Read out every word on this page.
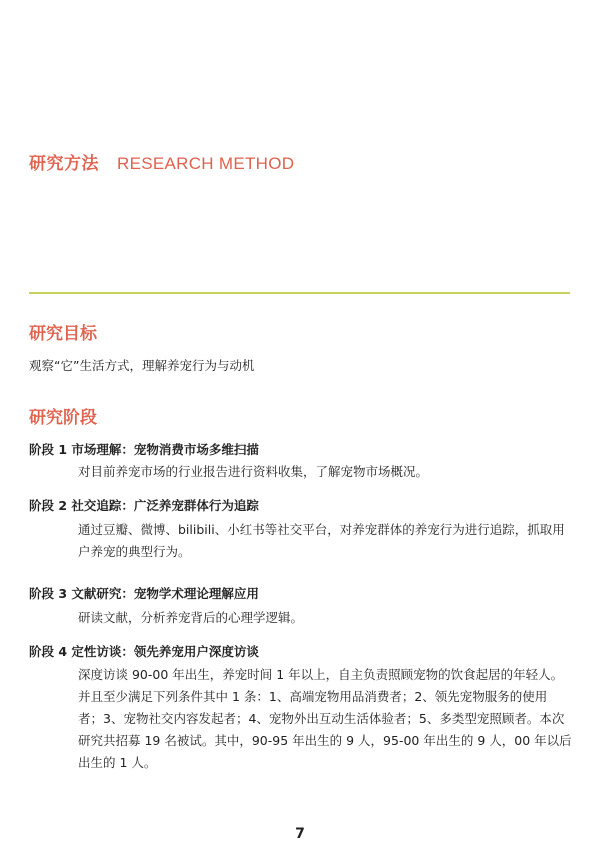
研究方法 RESEARCH METHOD
研究目标
观察“它”生活方式，理解养宠行为与动机
研究阶段
阶段 1 市场理解：宠物消费市场多维扫描
对目前养宠市场的行业报告进行资料收集，了解宠物市场概况。
阶段 2 社交追踪：广泛养宠群体行为追踪
通过豆瓣、微博、bilibili、小红书等社交平台，对养宠群体的养宠行为进行追踪，抓取用户养宠的典型行为。
阶段 3 文献研究：宠物学术理论理解应用
研读文献，分析养宠背后的心理学逻辑。
阶段 4 定性访谈：领先养宠用户深度访谈
深度访谈 90-00 年出生，养宠时间 1 年以上，自主负责照顾宠物的饮食起居的年轻人。并且至少满足下列条件其中 1 条：1、高端宠物用品消费者；2、领先宠物服务的使用者；3、宠物社交内容发起者；4、宠物外出互动生活体验者；5、多类型宠照顾者。本次研究共招募 19 名被试。其中，90-95 年出生的 9 人，95-00 年出生的 9 人，00 年以后出生的 1 人。
7
